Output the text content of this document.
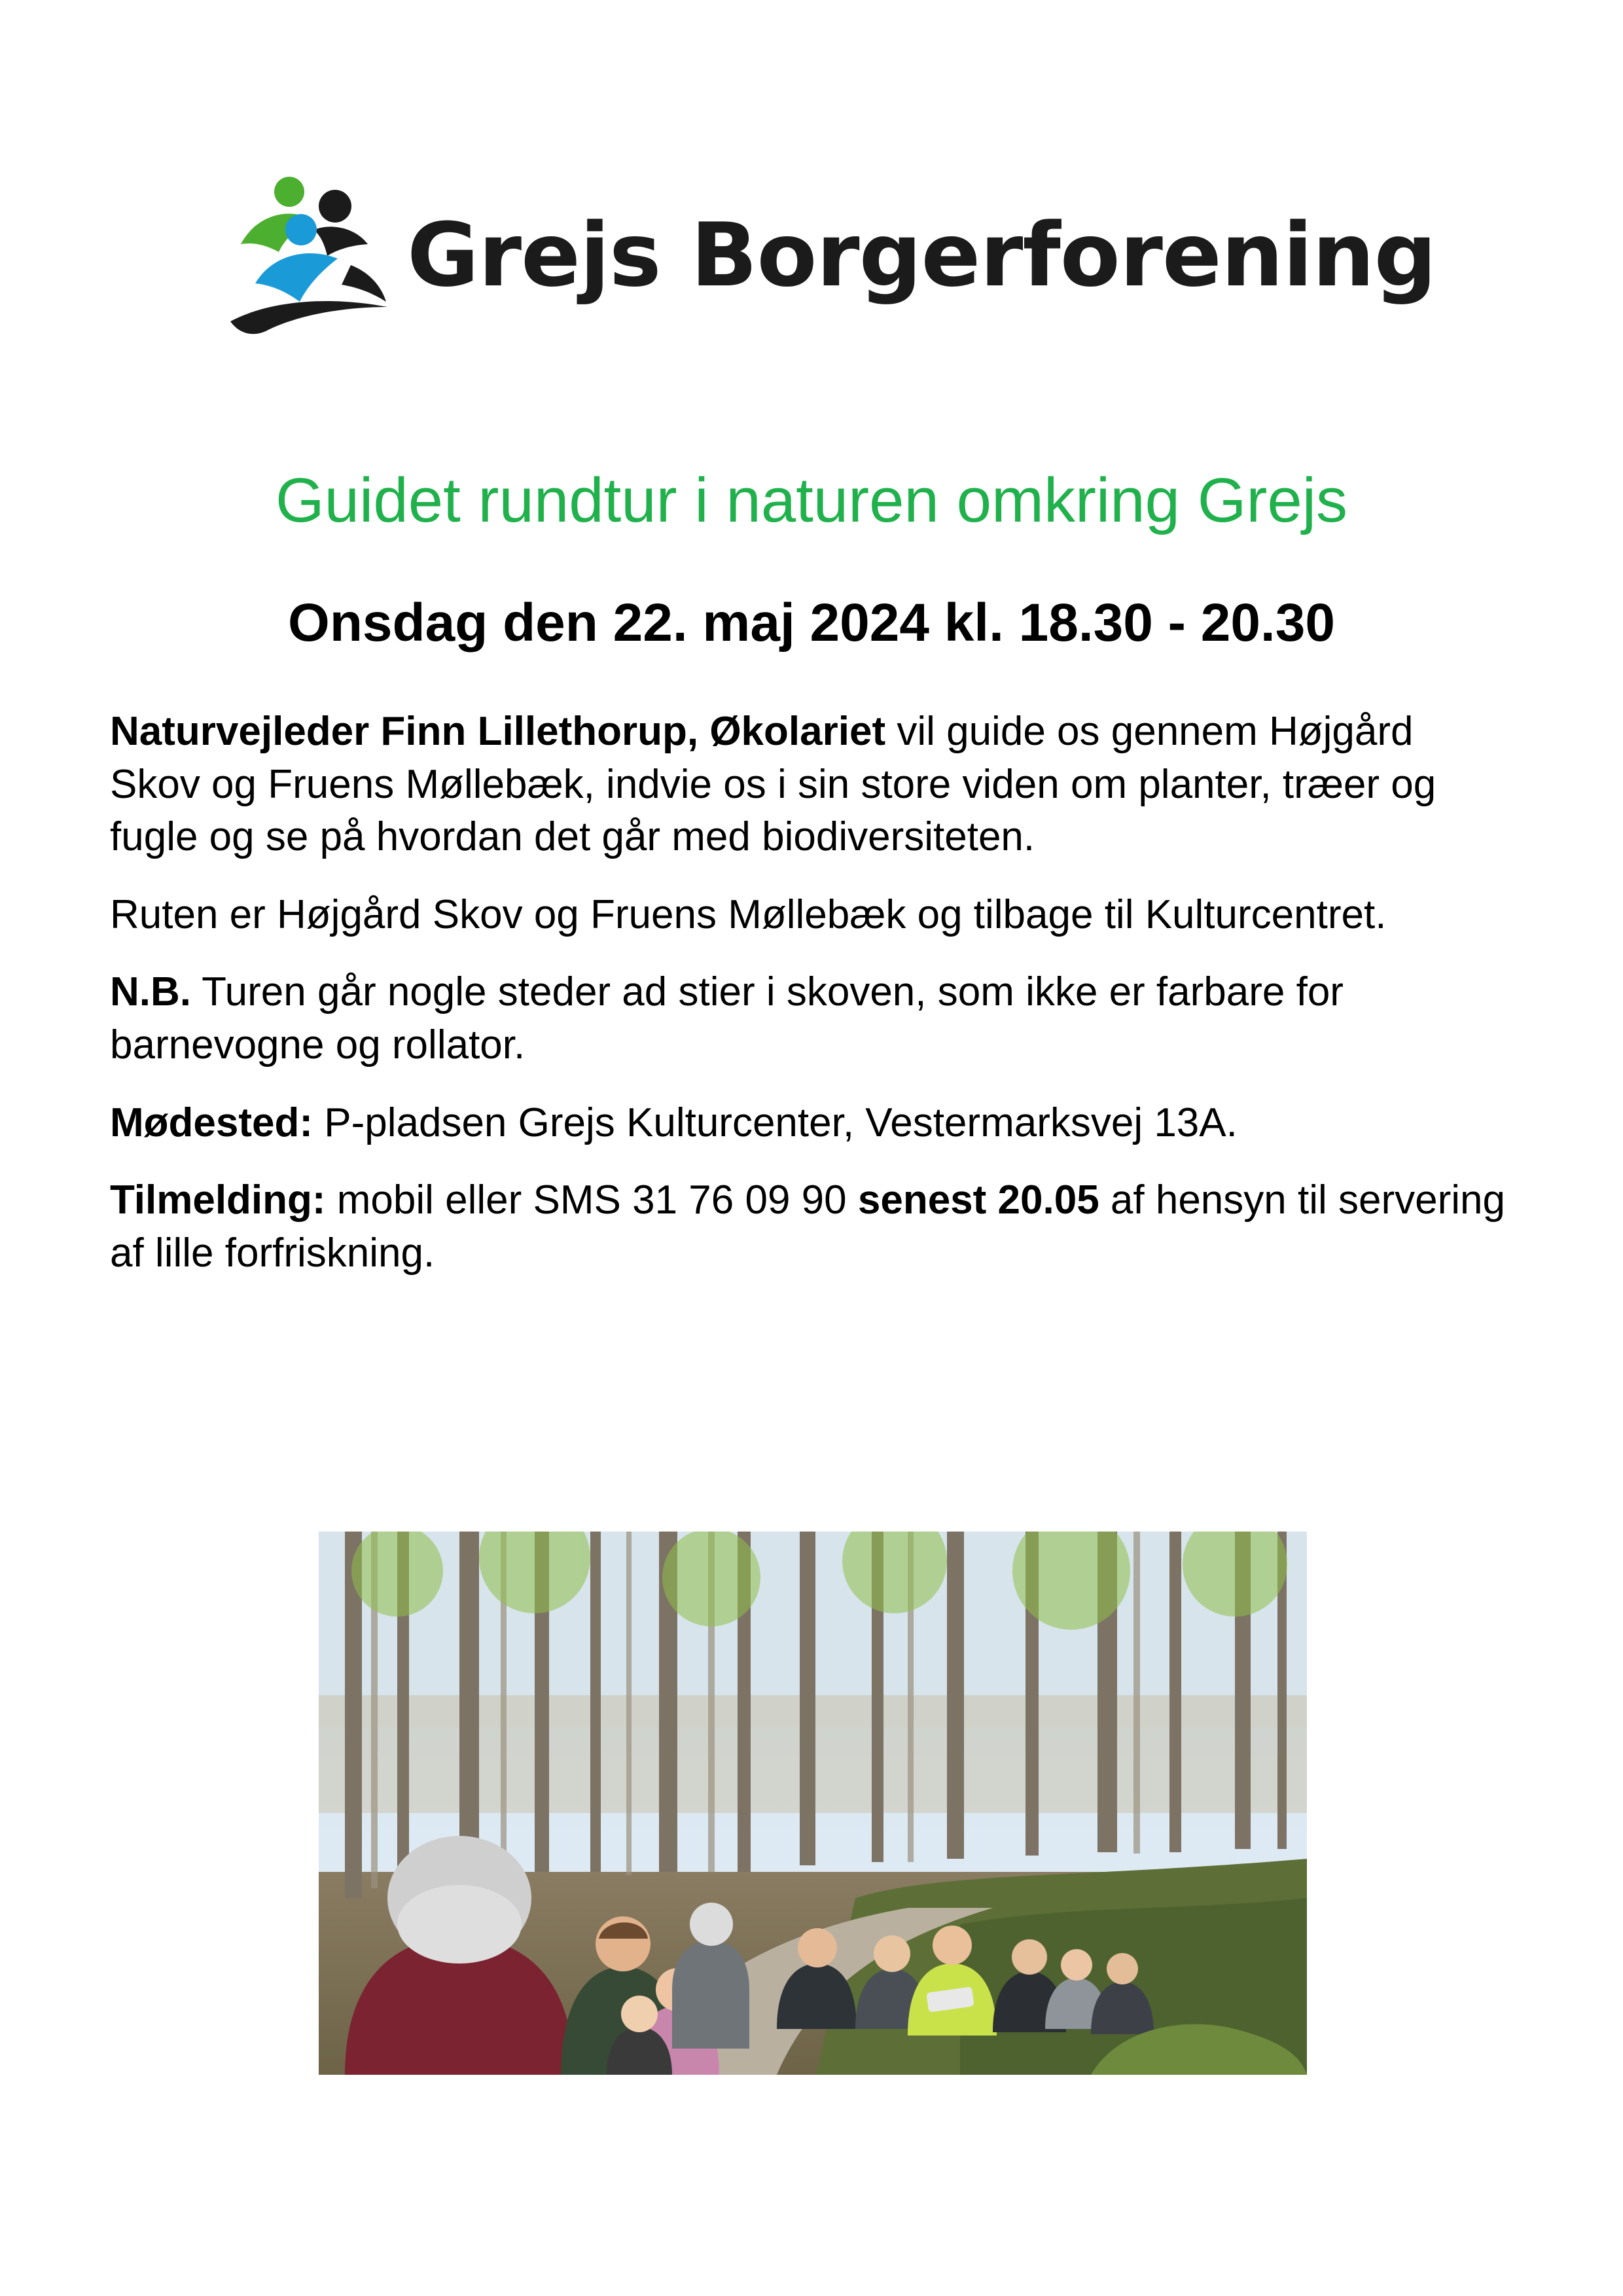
Grejs Borgerforening
Guidet rundtur i naturen omkring Grejs
Onsdag den 22. maj 2024 kl. 18.30 - 20.30

Naturvejleder Finn Lillethorup, Økolariet vil guide os gennem Højgård Skov og Fruens Møllebæk, indvie os i sin store viden om planter, træer og fugle og se på hvordan det går med biodiversiteten.

Ruten er Højgård Skov og Fruens Møllebæk og tilbage til Kulturcentret.

N.B. Turen går nogle steder ad stier i skoven, som ikke er farbare for barnevogne og rollator.

Mødested: P-pladsen Grejs Kulturcenter, Vestermarksvej 13A.

Tilmelding: mobil eller SMS 31 76 09 90 senest 20.05 af hensyn til servering af lille forfriskning.
